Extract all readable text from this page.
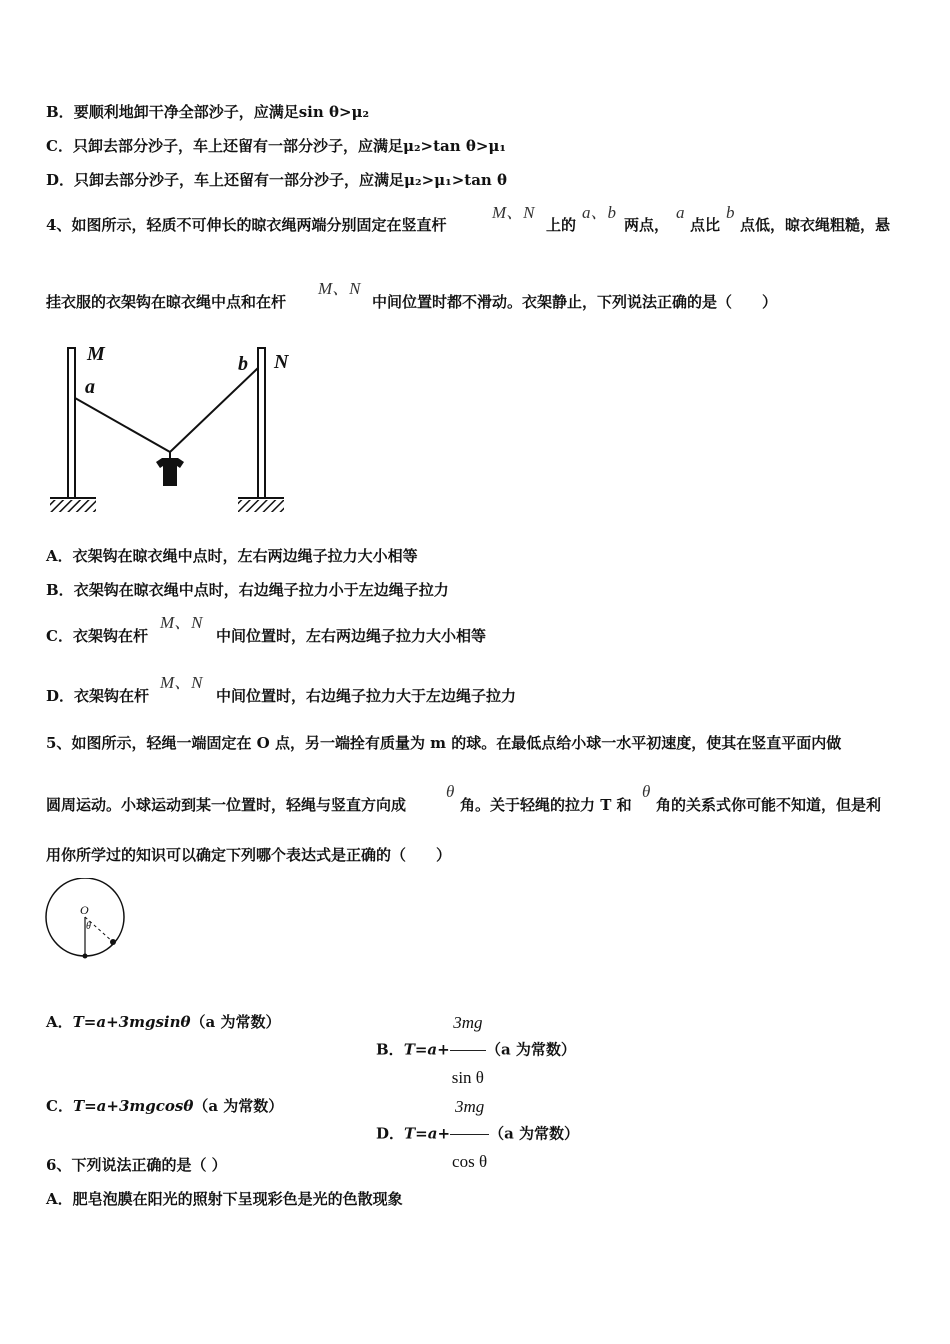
B．要顺利地卸干净全部沙子，应满足sin θ>μ₂
C．只卸去部分沙子，车上还留有一部分沙子，应满足μ₂>tan θ>μ₁
D．只卸去部分沙子，车上还留有一部分沙子，应满足μ₂>μ₁>tan θ
4、如图所示，轻质不可伸长的晾衣绳两端分别固定在竖直杆
M、N
上的
a、b
两点，
a
点比
b
点低，晾衣绳粗糙，悬
挂衣服的衣架钩在晾衣绳中点和在杆
M、N
中间位置时都不滑动。衣架静止，下列说法正确的是（　　）
M
a
b N
A．衣架钩在晾衣绳中点时，左右两边绳子拉力大小相等
B．衣架钩在晾衣绳中点时，右边绳子拉力小于左边绳子拉力
C．衣架钩在杆
M、N
中间位置时，左右两边绳子拉力大小相等
D．衣架钩在杆
M、N
中间位置时，右边绳子拉力大于左边绳子拉力
5、如图所示，轻绳一端固定在 O 点，另一端拴有质量为 m 的球。在最低点给小球一水平初速度，使其在竖直平面内做
圆周运动。小球运动到某一位置时，轻绳与竖直方向成
θ
角。关于轻绳的拉力 T 和
θ
角的关系式你可能不知道，但是利
用你所学过的知识可以确定下列哪个表达式是正确的（　　）
O
θ
A．T=a+3mgsinθ（a 为常数）
B．$T=a+ \frac{3mg}{\text{sin θ}} (a$ 为常数）
C．T=a+3mgcosθ（a 为常数）
D．$T=a+ \frac{3mg}{\text{cos θ}} (a$ 为常数）
6、下列说法正确的是（ ）
A．肥皂泡膜在阳光的照射下呈现彩色是光的色散现象
